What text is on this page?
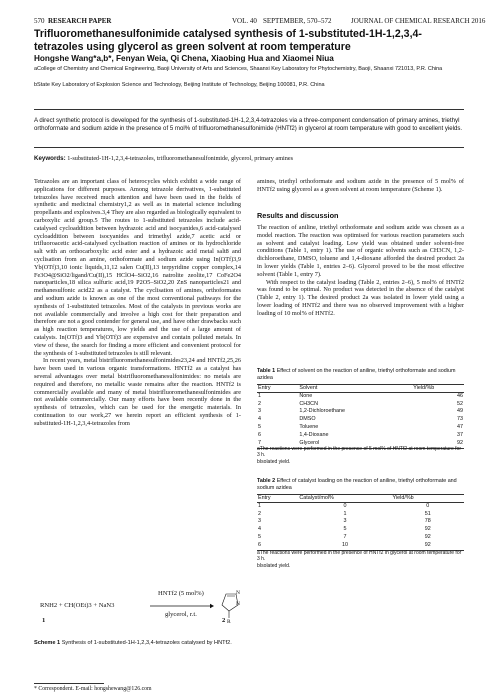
570 RESEARCH PAPER	VOL. 40 SEPTEMBER, 570–572	JOURNAL OF CHEMICAL RESEARCH 2016
Trifluoromethanesulfonimide catalysed synthesis of 1-substituted-1H-1,2,3,4-tetrazoles using glycerol as green solvent at room temperature
Hongshe Wang*a,b*, Fenyan Weia, Qi Chena, Xiaobing Hua and Xiaomei Niua
aCollege of Chemistry and Chemical Engineering, Baoji University of Arts and Sciences, Shaanxi Key Laboratory for Phytochemistry, Baoji, Shaanxi 721013, P.R. China
bState Key Laboratory of Explosion Science and Technology, Beijing Institute of Technology, Beijing 100081, P.R. China
A direct synthetic protocol is developed for the synthesis of 1-substituted-1H-1,2,3,4-tetrazoles via a three-component condensation of primary amines, triethyl orthoformate and sodium azide in the presence of 5 mol% of trifluoromethanesulfonimide (HNTf2) in glycerol at room temperature with good to excellent yields.
Keywords: 1-substituted-1H-1,2,3,4-tetrazoles, trifluoromethanesulfonimide, glycerol, primary amines

Tetrazoles are an important class of heterocycles which exhibit a wide range of applications for different purposes. Among tetrazole derivatives, 1-substituted tetrazoles have received much attention and have been used in the fields of synthetic and medicinal chemistry1,2 as well as in material science including propellants and explosives.3,4 They are also regarded as biologically equivalent to carboxylic acid group.5 The routes to 1-substituted tetrazoles include acid-catalysed cycloaddition between hydrazoic acid and isocyanides,6 acid-catalysed cycloaddition between isocyanides and trimethyl azide,7 acetic acid or trifluoroacetic acid-catalysed cyclisation reaction of amines or its hydrochloride salt with an orthocarboxylic acid ester and a hydrazoic acid metal salt8 and cyclisation from an amine, orthoformate and sodium azide using In(OTf)3,9 Yb(OTf)3,10 ionic liquids,11,12 salen Cu(II),13 terpyridine copper complex,14 Fe3O4@SiO2/ligand/Cu(II),15 HClO4–SiO2,16 natrolite zeolite,17 CoFe2O4 nanoparticles,18 silica sulfuric acid,19 P2O5–SiO2,20 ZnS nanoparticles21 and methanesulfonic acid22 as a catalyst. The cyclisation of amines, orthoformates and sodium azide is known as one of the most conventional pathways for the synthesis of 1-substituted tetrazoles. Most of the catalysts in previous works are not available commercially and involve a high cost for their preparation and therefore are not a good contender for general use, and have other drawbacks such as high reaction temperatures, low yields and the use of a large amount of catalysts. In(OTf)3 and Yb(OTf)3 are expensive and contain polluted metals. In view of these, the search for finding a more efficient and convenient protocol for the synthesis of 1-substituted tetrazoles is still relevant.

In recent years, metal bistrifluoromethanesulfonimides23,24 and HNTf2,25,26 have been used in various organic transformations. HNTf2 as a catalyst has several advantages over metal bistrifluoromethanesulfonimides: no metals are required and therefore, no metallic waste remains after the reaction. HNTf2 is commercially available and many of metal bistrifluoromethanesulfonimides are not available commercially. Our many efforts have been recently done in the synthesis of tetrazoles, which can be used for the energetic materials. In continuation to our work,27 we herein report an efficient synthesis of 1-substituted-1H-1,2,3,4-tetrazoles from

RNH2 + CH(OEt)3 + NaN3
HNTf2 (5 mol%)
glycerol, r.t.
N
N
R
1	2
Scheme 1 Synthesis of 1-substituted-1H-1,2,3,4-tetrazoles catalysed by HNTf2.
* Correspondent. E-mail: hongshewang@126.com

amines, triethyl orthoformate and sodium azide in the presence of 5 mol% of HNTf2 using glycerol as a green solvent at room temperature (Scheme 1).

Results and discussion

The reaction of aniline, triethyl orthoformate and sodium azide was chosen as a model reaction. The reaction was optimised for various reaction parameters such as solvent and catalyst loading. Low yield was obtained under solvent-free conditions (Table 1, entry 1). The use of organic solvents such as CH3CN, 1,2-dichloroethane, DMSO, toluene and 1,4-dioxane afforded the desired product 2a in lower yields (Table 1, entries 2–6). Glycerol proved to be the most effective solvent (Table 1, entry 7).

With respect to the catalyst loading (Table 2, entries 2–6), 5 mol% of HNTf2 was found to be optimal. No product was detected in the absence of the catalyst (Table 2, entry 1). The desired product 2a was isolated in lower yield using a lower loading of HNTf2 and there was no observed improvement with a higher loading of 10 mol% of HNTf2.

Table 1 Effect of solvent on the reaction of aniline, triethyl orthoformate and sodium azidea
Entry	Solvent	Yield/%b
1	None	46
2	CH3CN	52
3	1,2-Dichloroethane	49
4	DMSO	73
5	Toluene	47
6	1,4-Dioxane	37
7	Glycerol	92
aThe reactions were performed in the presence of 5 mol% of HNTf2 at room temperature for 3 h.
bIsolated yield.
Table 2 Effect of catalyst loading on the reaction of aniline, triethyl orthoformate and sodium azidea
Entry	Catalyst/mol%	Yield/%b
1	0	0
2	1	51
3	3	78
4	5	92
5	7	92
6	10	92
aThe reactions were performed in the presence of HNTf2 in glycerol at room temperature for 3 h.
bIsolated yield.
